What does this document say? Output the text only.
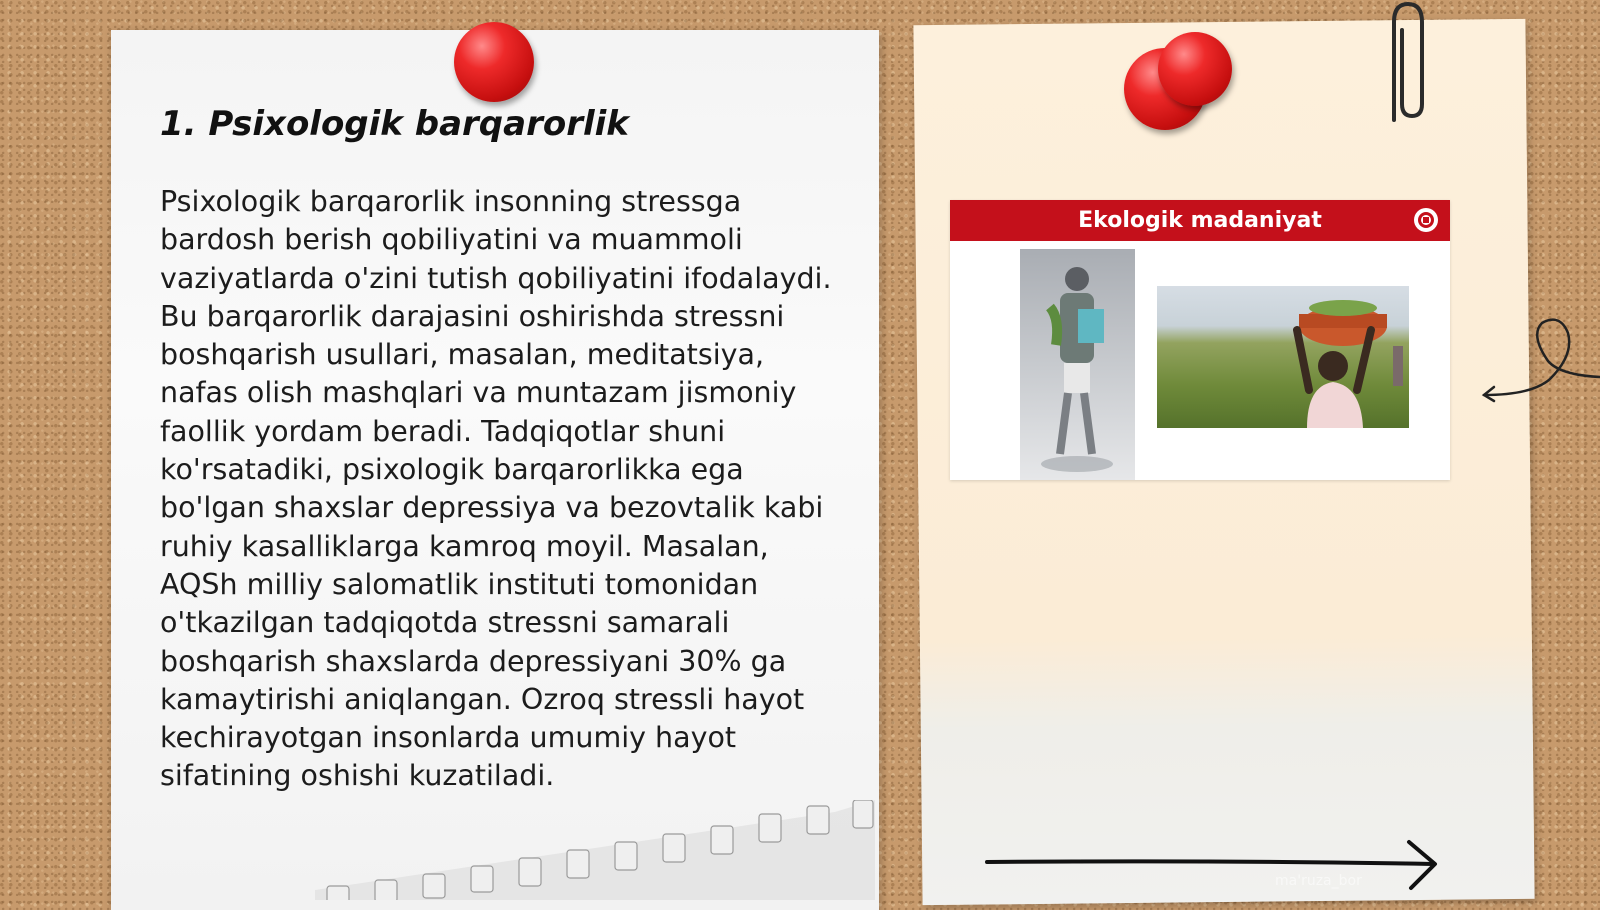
1. Psixologik barqarorlik

Psixologik barqarorlik insonning stressga bardosh berish qobiliyatini va muammoli vaziyatlarda o'zini tutish qobiliyatini ifodalaydi. Bu barqarorlik darajasini oshirishda stressni boshqarish usullari, masalan, meditatsiya, nafas olish mashqlari va muntazam jismoniy faollik yordam beradi. Tadqiqotlar shuni ko'rsatadiki, psixologik barqarorlikka ega bo'lgan shaxslar depressiya va bezovtalik kabi ruhiy kasalliklarga kamroq moyil. Masalan, AQSh milliy salomatlik instituti tomonidan o'tkazilgan tadqiqotda stressni samarali boshqarish shaxslarda depressiyani 30% ga kamaytirishi aniqlangan. Ozroq stressli hayot kechirayotgan insonlarda umumiy hayot sifatining oshishi kuzatiladi.

Ekologik madaniyat
ma'ruza_bor
